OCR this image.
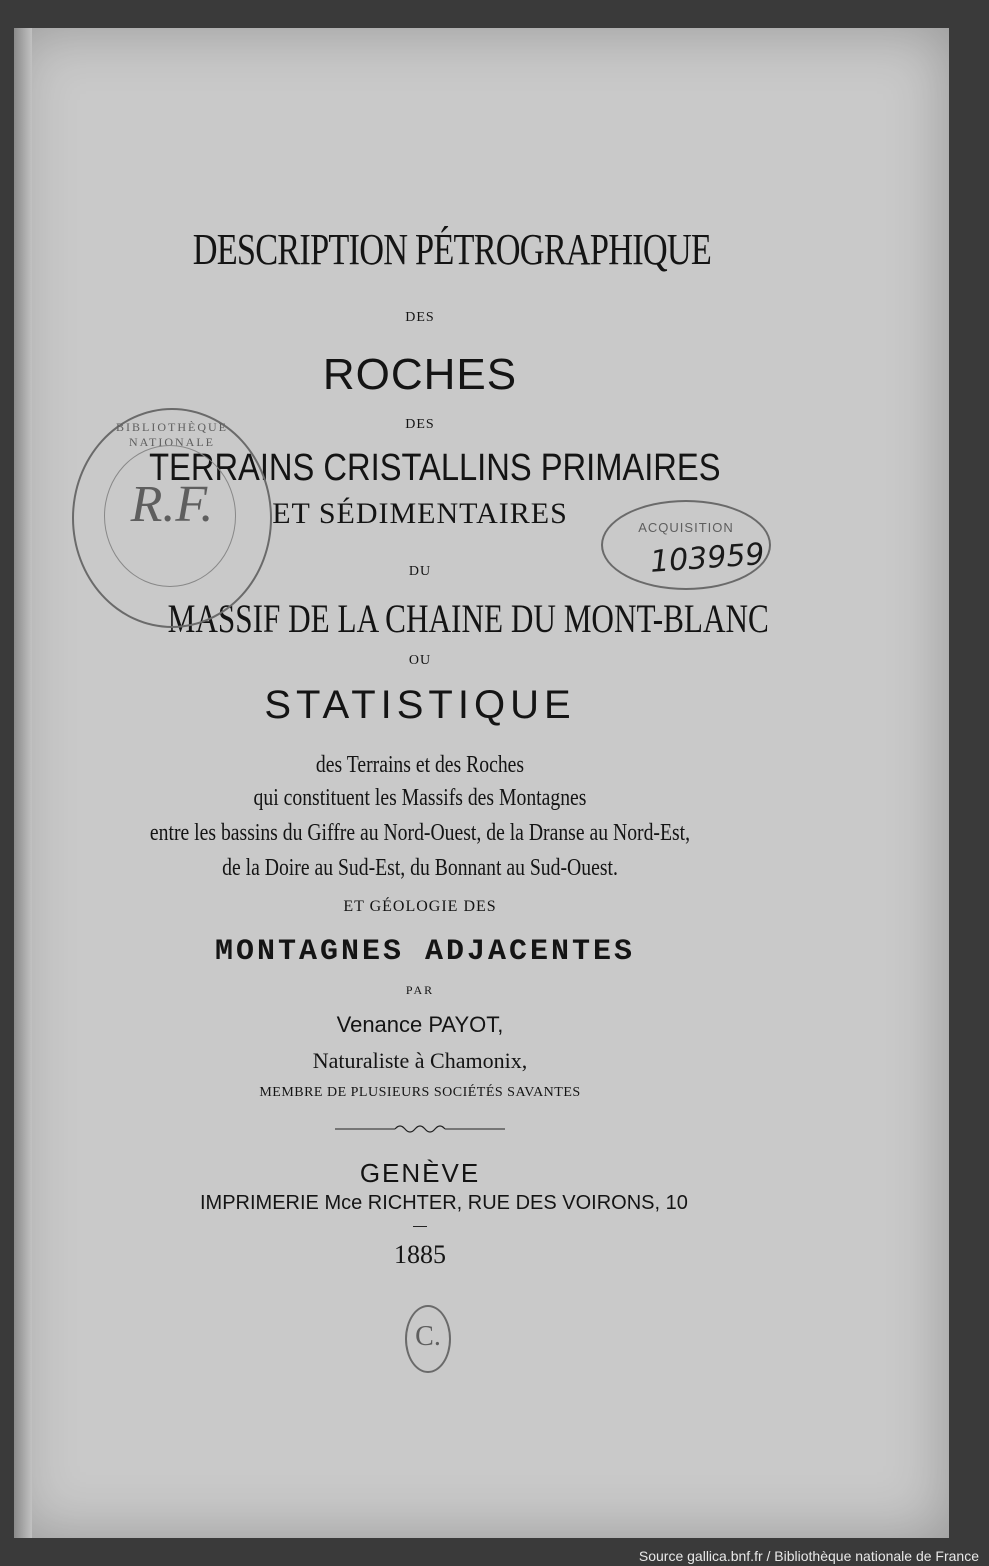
DESCRIPTION PÉTROGRAPHIQUE
DES
ROCHES
DES
TERRAINS CRISTALLINS PRIMAIRES
ET SÉDIMENTAIRES
DU
MASSIF DE LA CHAINE DU MONT-BLANC
OU
STATISTIQUE
des Terrains et des Roches
qui constituent les Massifs des Montagnes
entre les bassins du Giffre au Nord-Ouest, de la Dranse au Nord-Est,
de la Doire au Sud-Est, du Bonnant au Sud-Ouest.
ET GÉOLOGIE DES
MONTAGNES ADJACENTES
PAR
Venance PAYOT,
Naturaliste à Chamonix,
MEMBRE DE PLUSIEURS SOCIÉTÉS SAVANTES
GENÈVE
IMPRIMERIE Mce RICHTER, RUE DES VOIRONS, 10
1885
BIBLIOTHÈQUE NATIONALE
R.F.	ACQUISITION
103959
C.
Source gallica.bnf.fr / Bibliothèque nationale de France
